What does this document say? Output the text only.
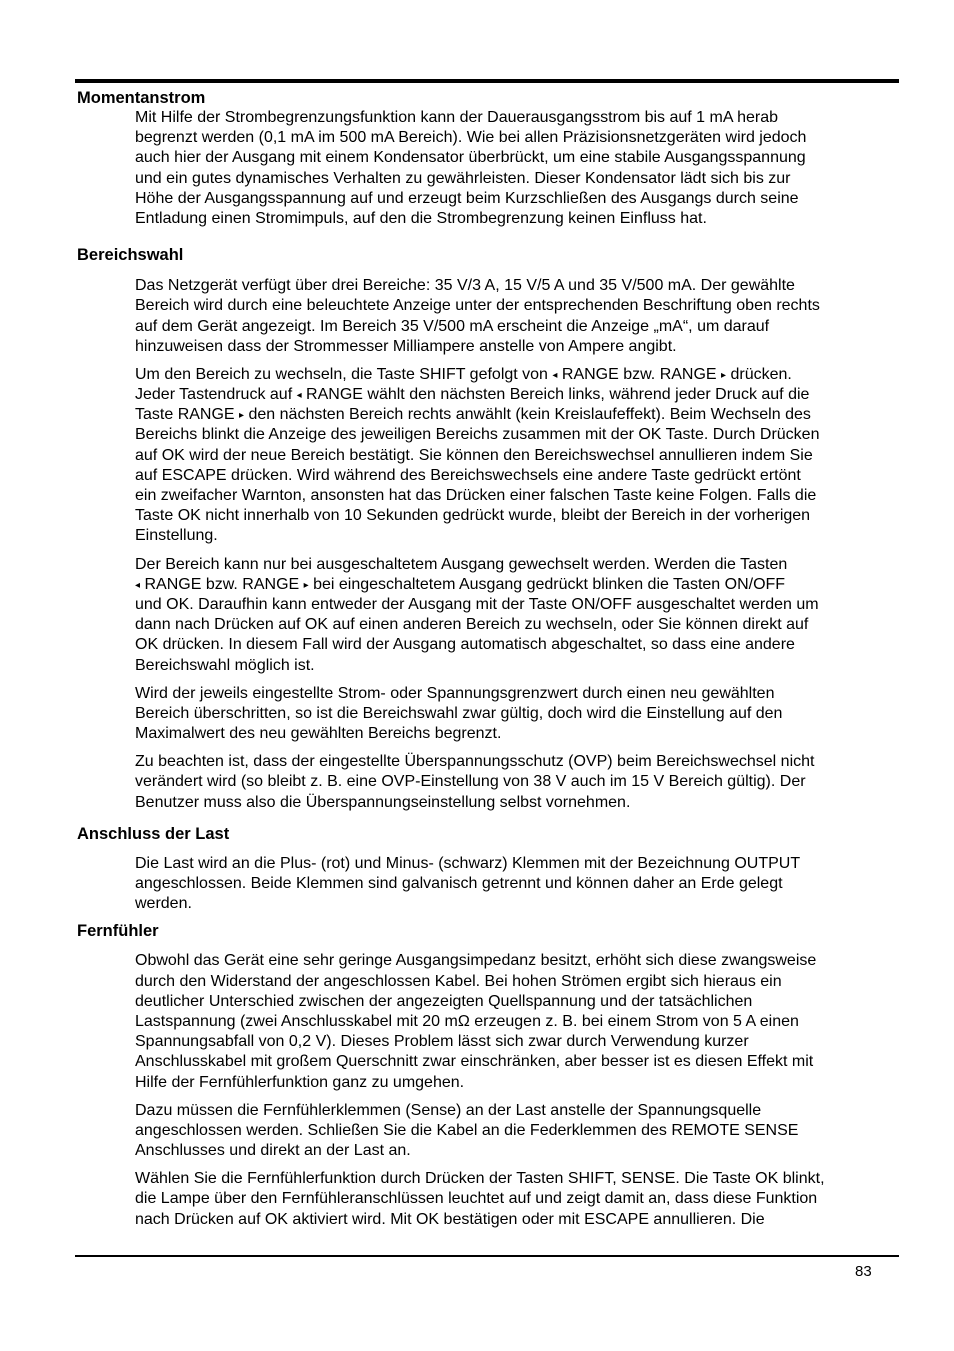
Momentanstrom
Mit Hilfe der Strombegrenzungsfunktion kann der Dauerausgangsstrom bis auf 1 mA herab
begrenzt werden (0,1 mA im 500 mA Bereich). Wie bei allen Präzisionsnetzgeräten wird jedoch
auch hier der Ausgang mit einem Kondensator überbrückt, um eine stabile Ausgangsspannung
und ein gutes dynamisches Verhalten zu gewährleisten. Dieser Kondensator lädt sich bis zur
Höhe der Ausgangsspannung auf und erzeugt beim Kurzschließen des Ausgangs durch seine
Entladung einen Stromimpuls, auf den die Strombegrenzung keinen Einfluss hat.
Bereichswahl
Das Netzgerät verfügt über drei Bereiche: 35 V/3 A, 15 V/5 A und 35 V/500 mA. Der gewählte
Bereich wird durch eine beleuchtete Anzeige unter der entsprechenden Beschriftung oben rechts
auf dem Gerät angezeigt. Im Bereich 35 V/500 mA erscheint die Anzeige „mA“, um darauf
hinzuweisen dass der Strommesser Milliampere anstelle von Ampere angibt.
Um den Bereich zu wechseln, die Taste SHIFT gefolgt von ◂ RANGE bzw. RANGE ▸ drücken.
Jeder Tastendruck auf ◂ RANGE wählt den nächsten Bereich links, während jeder Druck auf die
Taste RANGE ▸ den nächsten Bereich rechts anwählt (kein Kreislaufeffekt). Beim Wechseln des
Bereichs blinkt die Anzeige des jeweiligen Bereichs zusammen mit der OK Taste. Durch Drücken
auf OK wird der neue Bereich bestätigt. Sie können den Bereichswechsel annullieren indem Sie
auf ESCAPE drücken. Wird während des Bereichswechsels eine andere Taste gedrückt ertönt
ein zweifacher Warnton, ansonsten hat das Drücken einer falschen Taste keine Folgen. Falls die
Taste OK nicht innerhalb von 10 Sekunden gedrückt wurde, bleibt der Bereich in der vorherigen
Einstellung.
Der Bereich kann nur bei ausgeschaltetem Ausgang gewechselt werden. Werden die Tasten
◂ RANGE bzw. RANGE ▸ bei eingeschaltetem Ausgang gedrückt blinken die Tasten ON/OFF
und OK. Daraufhin kann entweder der Ausgang mit der Taste ON/OFF ausgeschaltet werden um
dann nach Drücken auf OK auf einen anderen Bereich zu wechseln, oder Sie können direkt auf
OK drücken. In diesem Fall wird der Ausgang automatisch abgeschaltet, so dass eine andere
Bereichswahl möglich ist.
Wird der jeweils eingestellte Strom- oder Spannungsgrenzwert durch einen neu gewählten
Bereich überschritten, so ist die Bereichswahl zwar gültig, doch wird die Einstellung auf den
Maximalwert des neu gewählten Bereichs begrenzt.
Zu beachten ist, dass der eingestellte Überspannungsschutz (OVP) beim Bereichswechsel nicht
verändert wird (so bleibt z. B. eine OVP-Einstellung von 38 V auch im 15 V Bereich gültig). Der
Benutzer muss also die Überspannungseinstellung selbst vornehmen.
Anschluss der Last
Die Last wird an die Plus- (rot) und Minus- (schwarz) Klemmen mit der Bezeichnung OUTPUT
angeschlossen. Beide Klemmen sind galvanisch getrennt und können daher an Erde gelegt
werden.
Fernfühler
Obwohl das Gerät eine sehr geringe Ausgangsimpedanz besitzt, erhöht sich diese zwangsweise
durch den Widerstand der angeschlossen Kabel. Bei hohen Strömen ergibt sich hieraus ein
deutlicher Unterschied zwischen der angezeigten Quellspannung und der tatsächlichen
Lastspannung (zwei Anschlusskabel mit 20 mΩ erzeugen z. B. bei einem Strom von 5 A einen
Spannungsabfall von 0,2 V). Dieses Problem lässt sich zwar durch Verwendung kurzer
Anschlusskabel mit großem Querschnitt zwar einschränken, aber besser ist es diesen Effekt mit
Hilfe der Fernfühlerfunktion ganz zu umgehen.
Dazu müssen die Fernfühlerklemmen (Sense) an der Last anstelle der Spannungsquelle
angeschlossen werden. Schließen Sie die Kabel an die Federklemmen des REMOTE SENSE
Anschlusses und direkt an der Last an.
Wählen Sie die Fernfühlerfunktion durch Drücken der Tasten SHIFT, SENSE. Die Taste OK blinkt,
die Lampe über den Fernfühleranschlüssen leuchtet auf und zeigt damit an, dass diese Funktion
nach Drücken auf OK aktiviert wird. Mit OK bestätigen oder mit ESCAPE annullieren. Die
83
